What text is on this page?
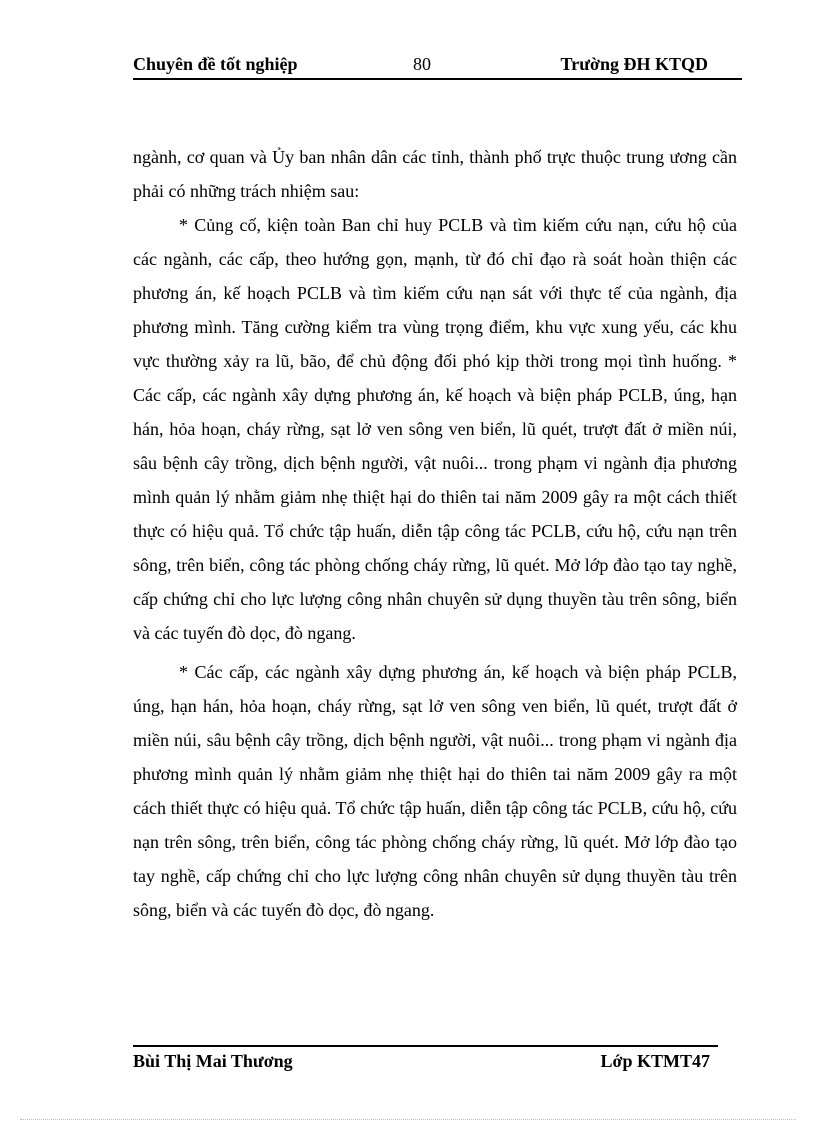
Chuyên đề tốt nghiệp	80	Trường ĐH KTQD

ngành, cơ quan và Ủy ban nhân dân các tỉnh, thành phố trực thuộc trung ương cần phải có những trách nhiệm sau:

* Củng cố, kiện toàn Ban chỉ huy PCLB và tìm kiếm cứu nạn, cứu hộ của các ngành, các cấp, theo hướng gọn, mạnh, từ đó chỉ đạo rà soát hoàn thiện các phương án, kế hoạch PCLB và tìm kiếm cứu nạn sát với thực tế của ngành, địa phương mình. Tăng cường kiểm tra vùng trọng điểm, khu vực xung yếu, các khu vực thường xảy ra lũ, bão, để chủ động đối phó kịp thời trong mọi tình huống. * Các cấp, các ngành xây dựng phương án, kế hoạch và biện pháp PCLB, úng, hạn hán, hỏa hoạn, cháy rừng, sạt lở ven sông ven biển, lũ quét, trượt đất ở miền núi, sâu bệnh cây trồng, dịch bệnh người, vật nuôi... trong phạm vi ngành địa phương mình quản lý nhằm giảm nhẹ thiệt hại do thiên tai năm 2009 gây ra một cách thiết thực có hiệu quả. Tổ chức tập huấn, diễn tập công tác PCLB, cứu hộ, cứu nạn trên sông, trên biển, công tác phòng chống cháy rừng, lũ quét. Mở lớp đào tạo tay nghề, cấp chứng chỉ cho lực lượng công nhân chuyên sử dụng thuyền tàu trên sông, biển và các tuyến đò dọc, đò ngang.

* Các cấp, các ngành xây dựng phương án, kế hoạch và biện pháp PCLB, úng, hạn hán, hỏa hoạn, cháy rừng, sạt lở ven sông ven biển, lũ quét, trượt đất ở miền núi, sâu bệnh cây trồng, dịch bệnh người, vật nuôi... trong phạm vi ngành địa phương mình quản lý nhằm giảm nhẹ thiệt hại do thiên tai năm 2009 gây ra một cách thiết thực có hiệu quả. Tổ chức tập huấn, diễn tập công tác PCLB, cứu hộ, cứu nạn trên sông, trên biển, công tác phòng chống cháy rừng, lũ quét. Mở lớp đào tạo tay nghề, cấp chứng chỉ cho lực lượng công nhân chuyên sử dụng thuyền tàu trên sông, biển và các tuyến đò dọc, đò ngang.

Bùi Thị Mai Thương	Lớp KTMT47
